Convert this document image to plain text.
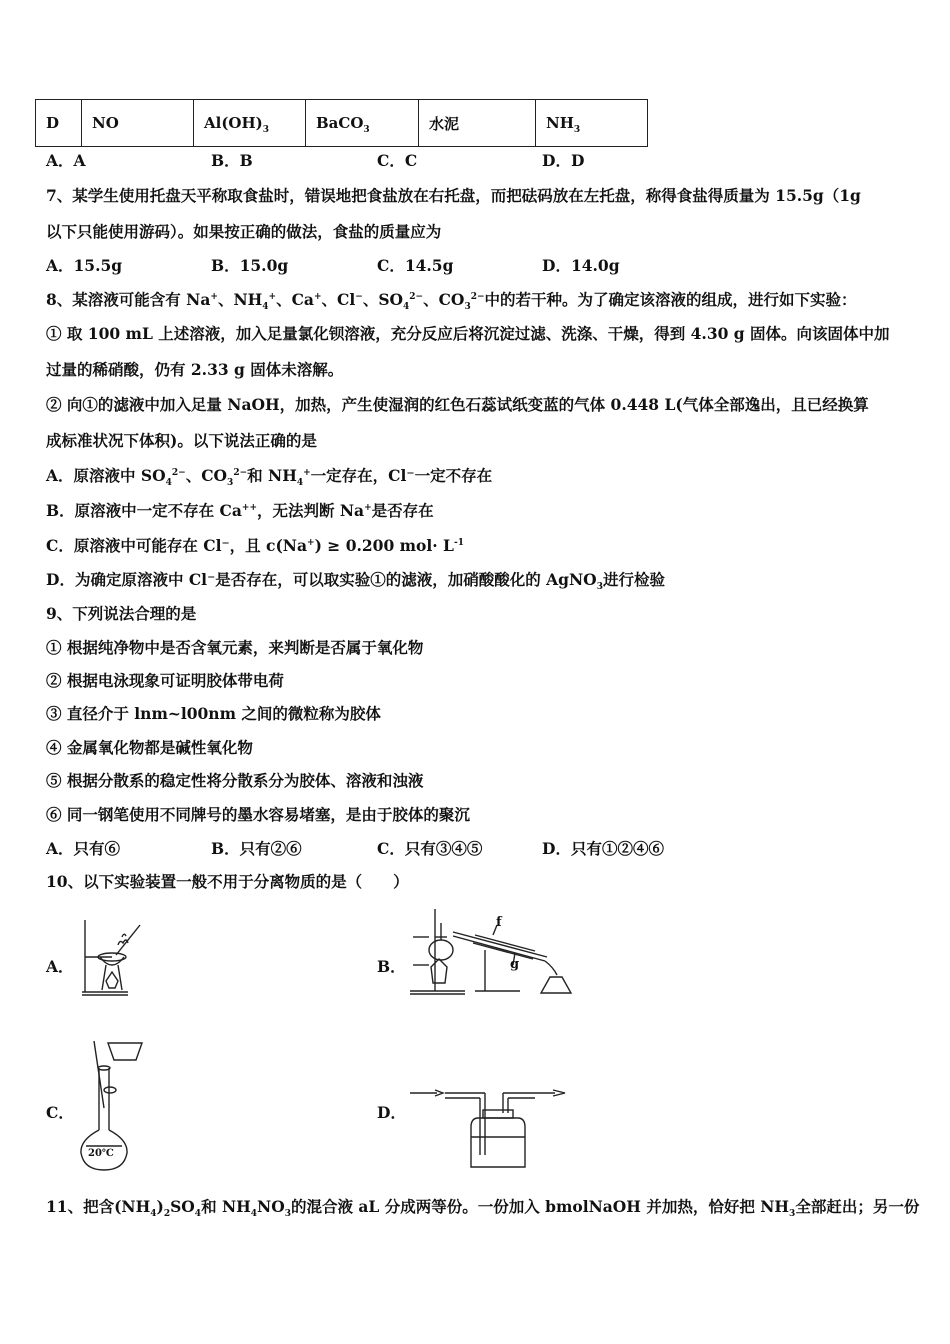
D	NO	$Al(OH)_3$	BaCO$_3$	水泥	$NH_3$
A．A	B．B	C．C	D．D
7、某学生使用托盘天平称取食盐时，错误地把食盐放在右托盘，而把砝码放在左托盘，称得食盐得质量为 15.5g（1g
以下只能使用游码）。如果按正确的做法，食盐的质量应为
A．15.5g	B．15.0g	C．14.5g	D．14.0g
8、某溶液可能含有 Na+、$NH_4^+$、Ca+、Cl−、$SO_4^{2-}$、$CO_3^{2-}$中的若干种。为了确定该溶液的组成，进行如下实验：
① 取 100 mL 上述溶液，加入足量氯化钡溶液，充分反应后将沉淀过滤、洗涤、干燥，得到 4.30 g 固体。向该固体中加
过量的稀硝酸，仍有 2.33 g 固体未溶解。
② 向①的滤液中加入足量 NaOH，加热，产生使湿润的红色石蕊试纸变蓝的气体 0.448 L(气体全部逸出，且已经换算
成标准状况下体积)。以下说法正确的是
A．原溶液中 $SO_4^{2-}$、$CO_3^{2-}$和 $NH_4^+$一定存在，Cl⁻一定不存在
B．原溶液中一定不存在 Ca++，无法判断 Na+是否存在
C．原溶液中可能存在 Cl⁻，且 c(Na+) ≥ 0.200 $mol\cdot L^{-1}$
D．为确定原溶液中 Cl⁻是否存在，可以取实验①的滤液，加硝酸酸化的 AgNO$_3$进行检验
9、下列说法合理的是
① 根据纯净物中是否含氧元素，来判断是否属于氧化物
② 根据电泳现象可证明胶体带电荷
③ 直径介于 lnm~l00nm 之间的微粒称为胶体
④ 金属氧化物都是碱性氧化物
⑤ 根据分散系的稳定性将分散系分为胶体、溶液和浊液
⑥ 同一钢笔使用不同牌号的墨水容易堵塞，是由于胶体的聚沉
A．只有⑥	B．只有②⑥	C．只有③④⑤	D．只有①②④⑥
10、以下实验装置一般不用于分离物质的是（　　）
A．	B．
f
g
C．
20℃
D．
11、把含$(NH_4)_2SO_4$和 $NH_4NO_3$的混合液 aL 分成两等份。一份加入 bmolNaOH 并加热，恰好把 $NH_3$全部赶出；另一份
